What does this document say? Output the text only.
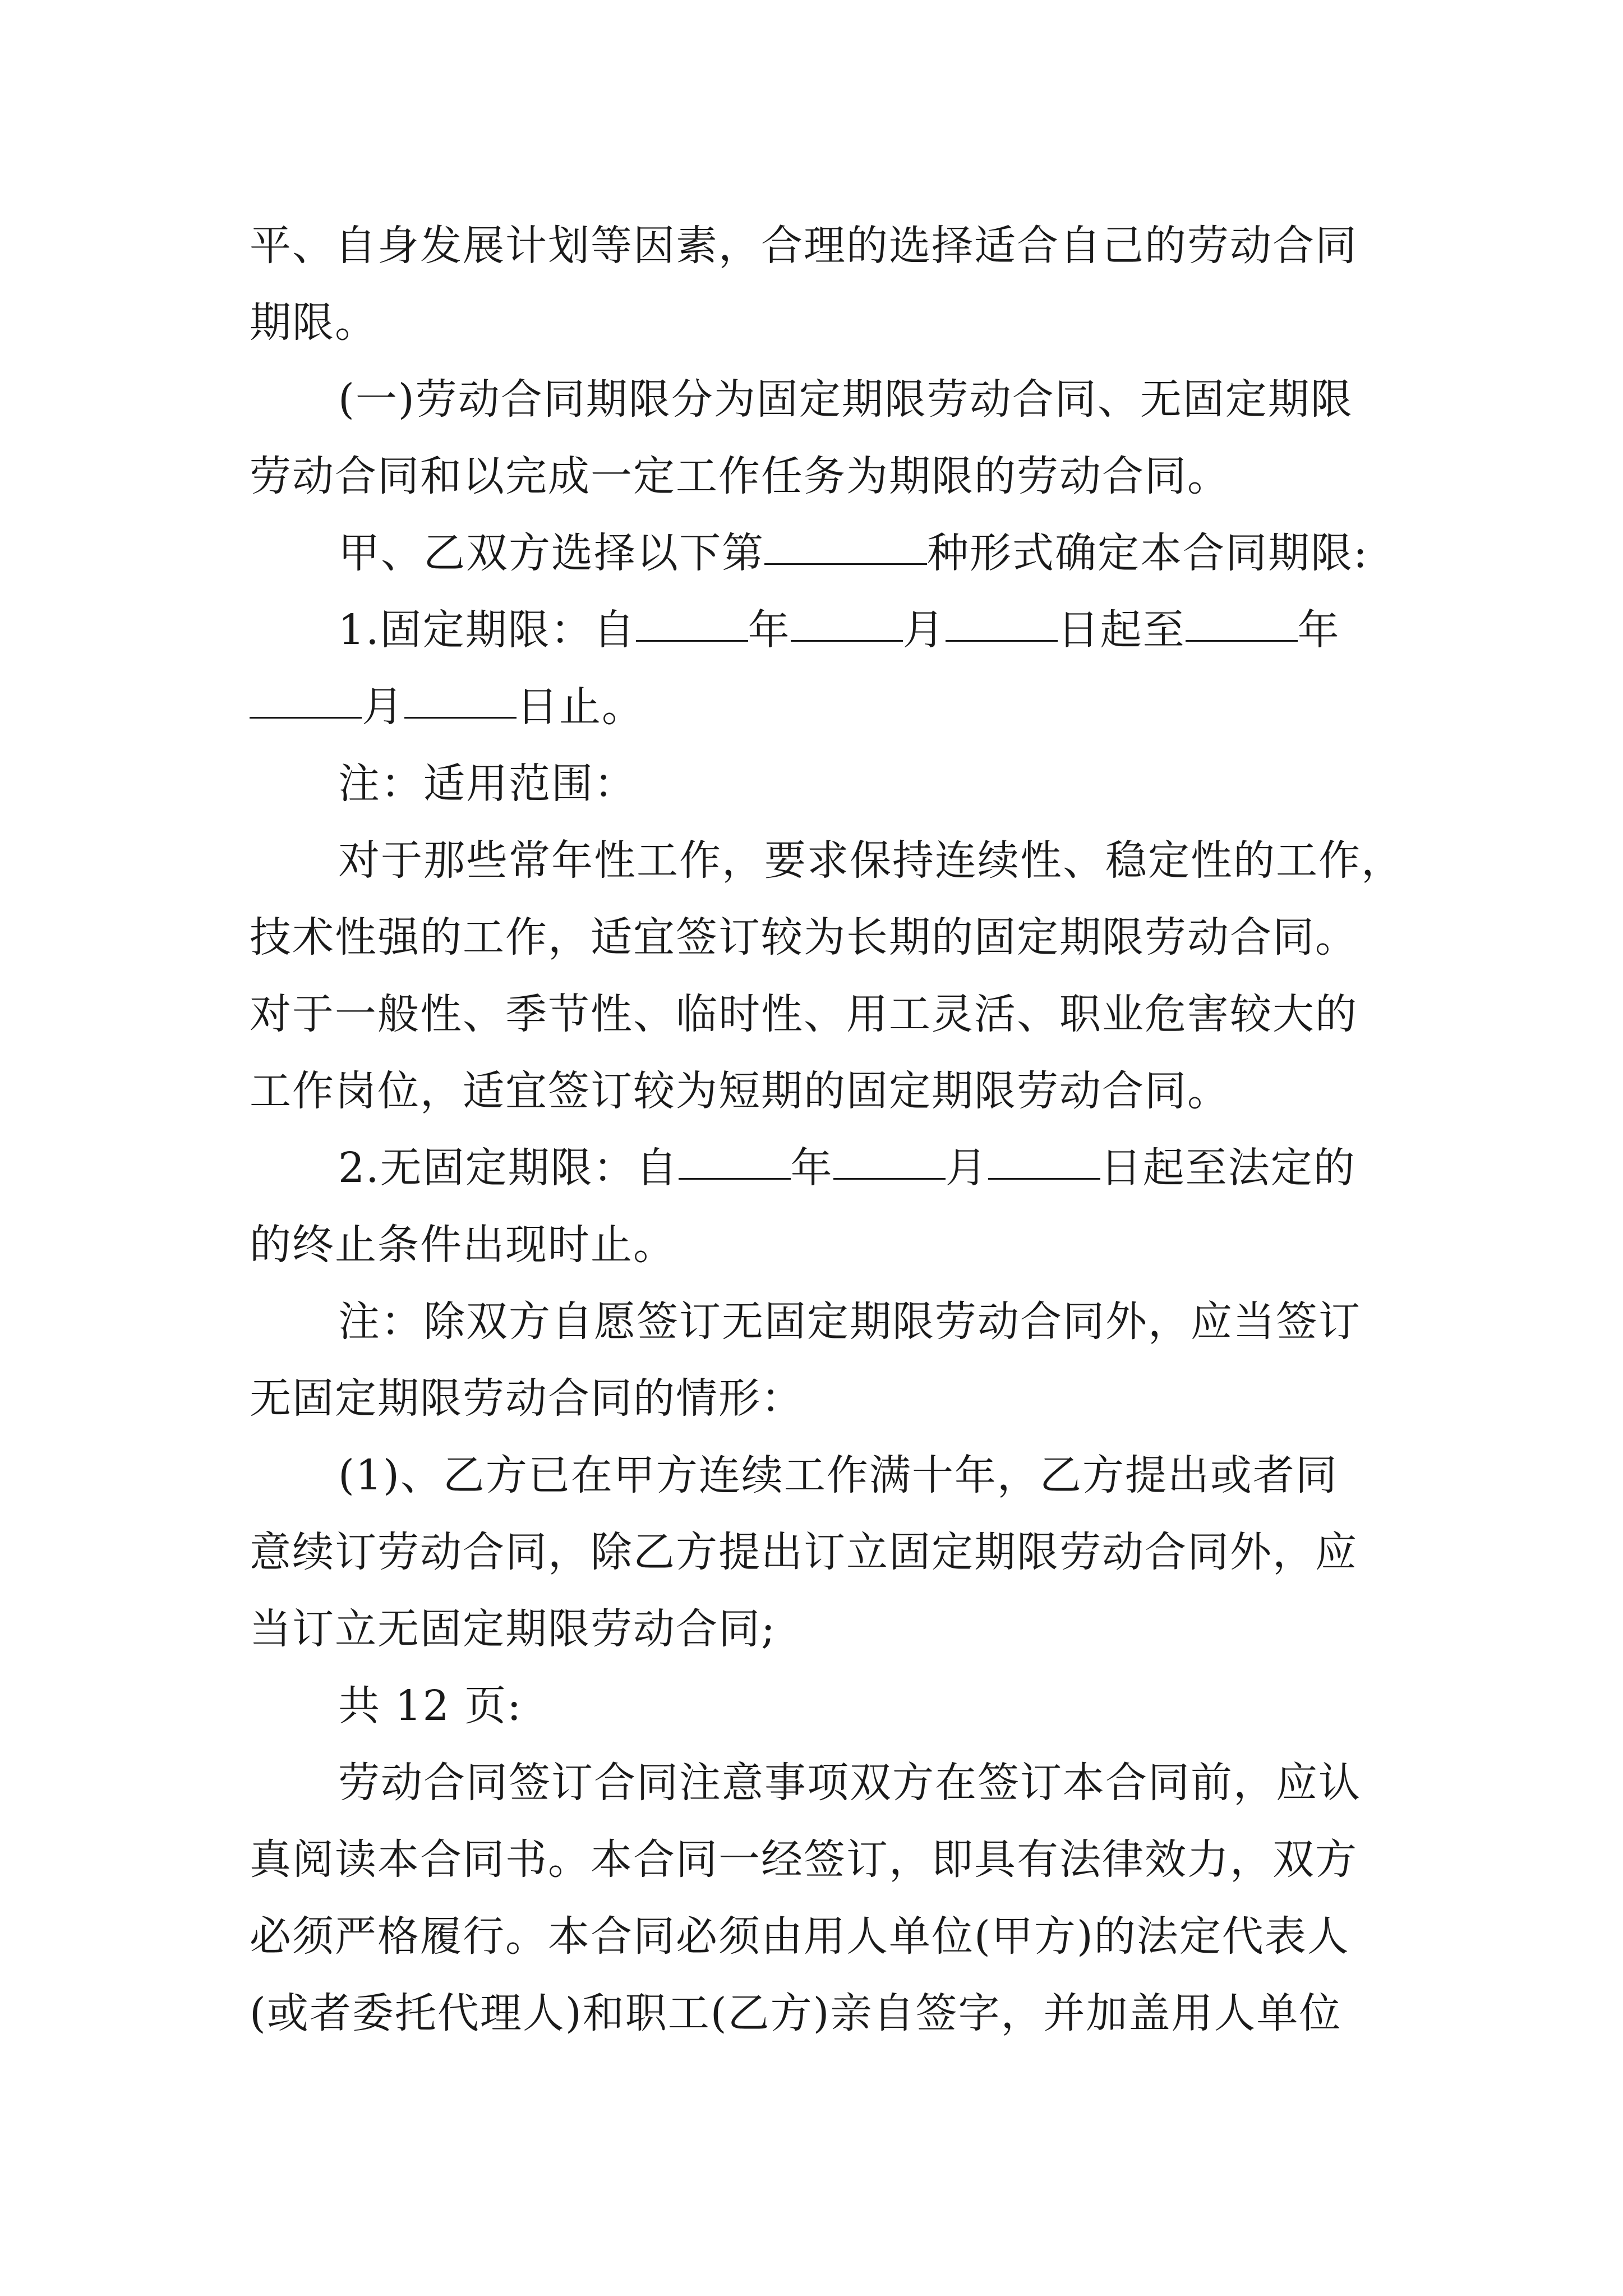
平、自身发展计划等因素，合理的选择适合自己的劳动合同
期限。
(一)劳动合同期限分为固定期限劳动合同、无固定期限
劳动合同和以完成一定工作任务为期限的劳动合同。
甲、乙双方选择以下第	种形式确定本合同期限:
1.固定期限：自	年	月	日起至	年
月	日止。
注：适用范围：
对于那些常年性工作，要求保持连续性、稳定性的工作，
技术性强的工作，适宜签订较为长期的固定期限劳动合同。
对于一般性、季节性、临时性、用工灵活、职业危害较大的
工作岗位，适宜签订较为短期的固定期限劳动合同。
2.无固定期限：自	年	月	日起至法定的
的终止条件出现时止。
注：除双方自愿签订无固定期限劳动合同外，应当签订
无固定期限劳动合同的情形：
(1)、乙方已在甲方连续工作满十年，乙方提出或者同
意续订劳动合同，除乙方提出订立固定期限劳动合同外，应
当订立无固定期限劳动合同;
共 12 页:
劳动合同签订合同注意事项双方在签订本合同前，应认
真阅读本合同书。本合同一经签订，即具有法律效力，双方
必须严格履行。本合同必须由用人单位(甲方)的法定代表人
(或者委托代理人)和职工(乙方)亲自签字，并加盖用人单位
